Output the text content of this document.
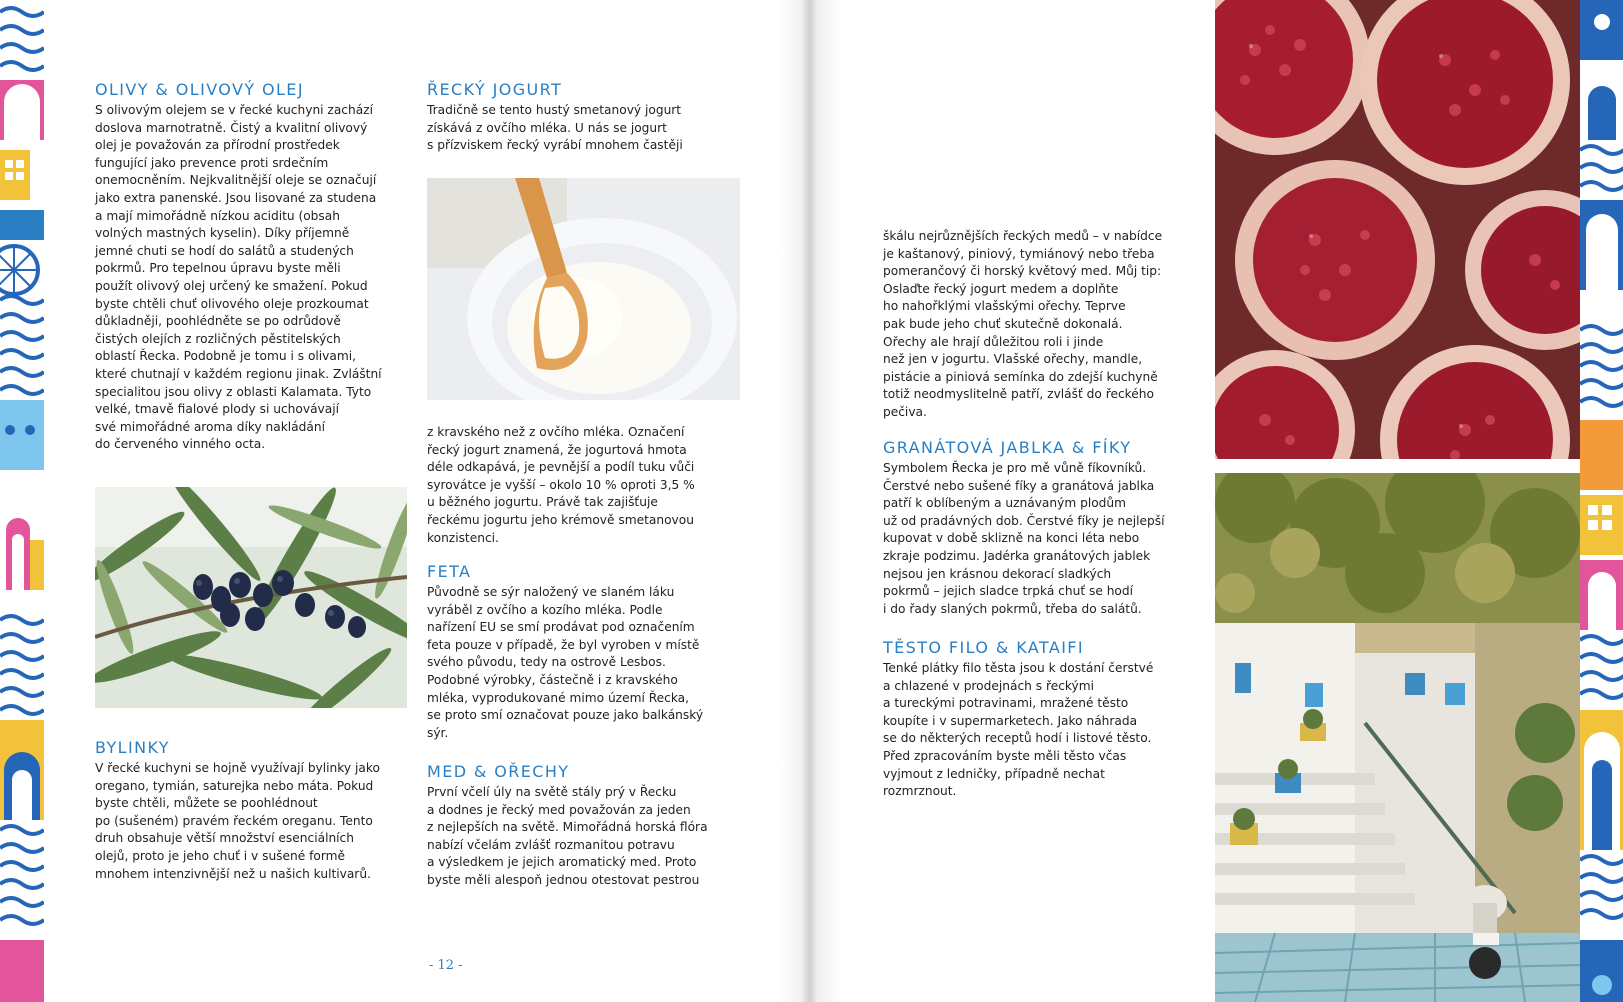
OLIVY & OLIVOVÝ OLEJ
S olivovým olejem se v řecké kuchyni zachází
doslova marnotratně. Čistý a kvalitní olivový
olej je považován za přírodní prostředek
fungující jako prevence proti srdečním
onemocněním. Nejkvalitnější oleje se označují
jako extra panenské. Jsou lisované za studena
a mají mimořádně nízkou aciditu (obsah
volných mastných kyselin). Díky příjemně
jemné chuti se hodí do salátů a studených
pokrmů. Pro tepelnou úpravu byste měli
použít olivový olej určený ke smažení. Pokud
byste chtěli chuť olivového oleje prozkoumat
důkladněji, poohlédněte se po odrůdově
čistých olejích z rozličných pěstitelských
oblastí Řecka. Podobně je tomu i s olivami,
které chutnají v každém regionu jinak. Zvláštní
specialitou jsou olivy z oblasti Kalamata. Tyto
velké, tmavě fialové plody si uchovávají
své mimořádné aroma díky nakládání
do červeného vinného octa.
BYLINKY
V řecké kuchyni se hojně využívají bylinky jako
oregano, tymián, saturejka nebo máta. Pokud
byste chtěli, můžete se poohlédnout
po (sušeném) pravém řeckém oreganu. Tento
druh obsahuje větší množství esenciálních
olejů, proto je jeho chuť i v sušené formě
mnohem intenzivnější než u našich kultivarů.
ŘECKÝ JOGURT
Tradičně se tento hustý smetanový jogurt
získává z ovčího mléka. U nás se jogurt
s přízviskem řecký vyrábí mnohem častěji
z kravského než z ovčího mléka. Označení
řecký jogurt znamená, že jogurtová hmota
déle odkapává, je pevnější a podíl tuku vůči
syrovátce je vyšší – okolo 10 % oproti 3,5 %
u běžného jogurtu. Právě tak zajišťuje
řeckému jogurtu jeho krémově smetanovou
konzistenci.
FETA
Původně se sýr naložený ve slaném láku
vyráběl z ovčího a kozího mléka. Podle
nařízení EU se smí prodávat pod označením
feta pouze v případě, že byl vyroben v místě
svého původu, tedy na ostrově Lesbos.
Podobné výrobky, částečně i z kravského
mléka, vyprodukované mimo území Řecka,
se proto smí označovat pouze jako balkánský
sýr.
MED & OŘECHY
První včelí úly na světě stály prý v Řecku
a dodnes je řecký med považován za jeden
z nejlepších na světě. Mimořádná horská flóra
nabízí včelám zvlášť rozmanitou potravu
a výsledkem je jejich aromatický med. Proto
byste měli alespoň jednou otestovat pestrou
- 12 -
škálu nejrůznějších řeckých medů – v nabídce
je kaštanový, piniový, tymiánový nebo třeba
pomerančový či horský květový med. Můj tip:
Oslaďte řecký jogurt medem a doplňte
ho nahořklými vlašskými ořechy. Teprve
pak bude jeho chuť skutečně dokonalá.
Ořechy ale hrají důležitou roli i jinde
než jen v jogurtu. Vlašské ořechy, mandle,
pistácie a piniová semínka do zdejší kuchyně
totiž neodmyslitelně patří, zvlášť do řeckého
pečiva.
GRANÁTOVÁ JABLKA & FÍKY
Symbolem Řecka je pro mě vůně fíkovníků.
Čerstvé nebo sušené fíky a granátová jablka
patří k oblíbeným a uznávaným plodům
už od pradávných dob. Čerstvé fíky je nejlepší
kupovat v době sklizně na konci léta nebo
zkraje podzimu. Jadérka granátových jablek
nejsou jen krásnou dekorací sladkých
pokrmů – jejich sladce trpká chuť se hodí
i do řady slaných pokrmů, třeba do salátů.
TĚSTO FILO & KATAIFI
Tenké plátky filo těsta jsou k dostání čerstvé
a chlazené v prodejnách s řeckými
a tureckými potravinami, mražené těsto
koupíte i v supermarketech. Jako náhrada
se do některých receptů hodí i listové těsto.
Před zpracováním byste měli těsto včas
vyjmout z ledničky, případně nechat
rozmrznout.
